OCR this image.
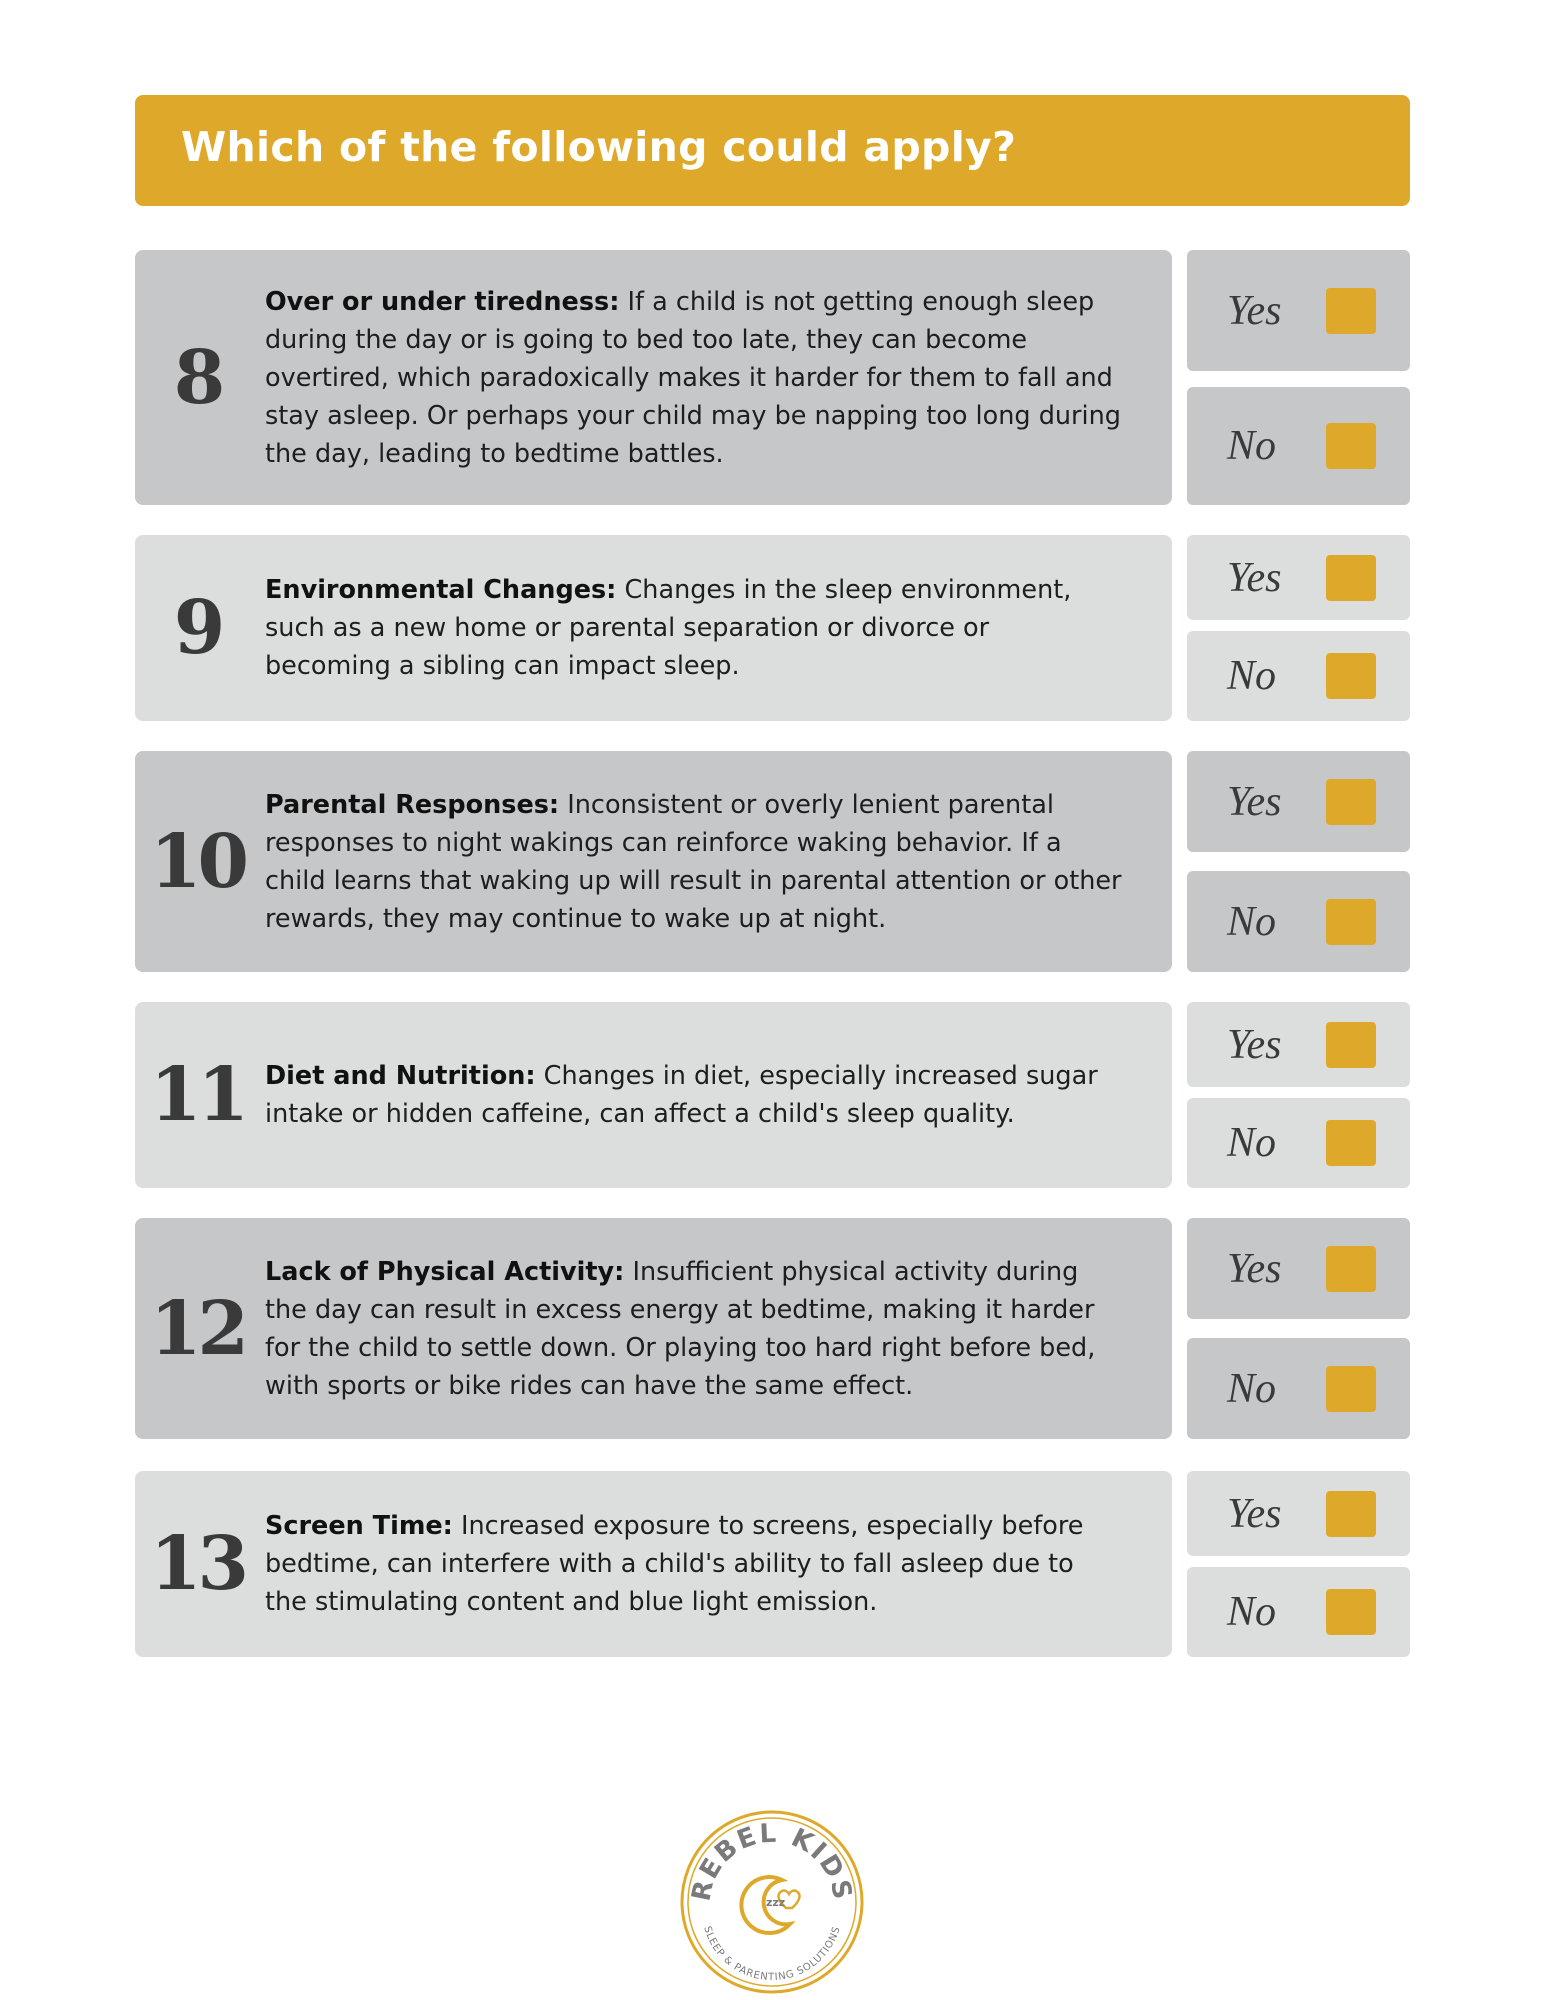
Which of the following could apply?
8
Over or under tiredness: If a child is not getting enough sleep during the day or is going to bed too late, they can become overtired, which paradoxically makes it harder for them to fall and stay asleep. Or perhaps your child may be napping too long during the day, leading to bedtime battles.
Yes
No
9	Environmental Changes: Changes in the sleep environment, such as a new home or parental separation or divorce or becoming a sibling can impact sleep.
Yes
No
10
Parental Responses: Inconsistent or overly lenient parental responses to night wakings can reinforce waking behavior. If a child learns that waking up will result in parental attention or other rewards, they may continue to wake up at night.
Yes
No
11 Diet and Nutrition: Changes in diet, especially increased sugar intake or hidden caffeine, can affect a child's sleep quality.
Yes
No
12
Lack of Physical Activity: Insufficient physical activity during the day can result in excess energy at bedtime, making it harder for the child to settle down. Or playing too hard right before bed, with sports or bike rides can have the same effect.
Yes
No
13 Screen Time: Increased exposure to screens, especially before bedtime, can interfere with a child's ability to fall asleep due to the stimulating content and blue light emission.
Yes
No
REBEL KIDS
SLEEP & PARENTING SOLUTIONS
zzz
